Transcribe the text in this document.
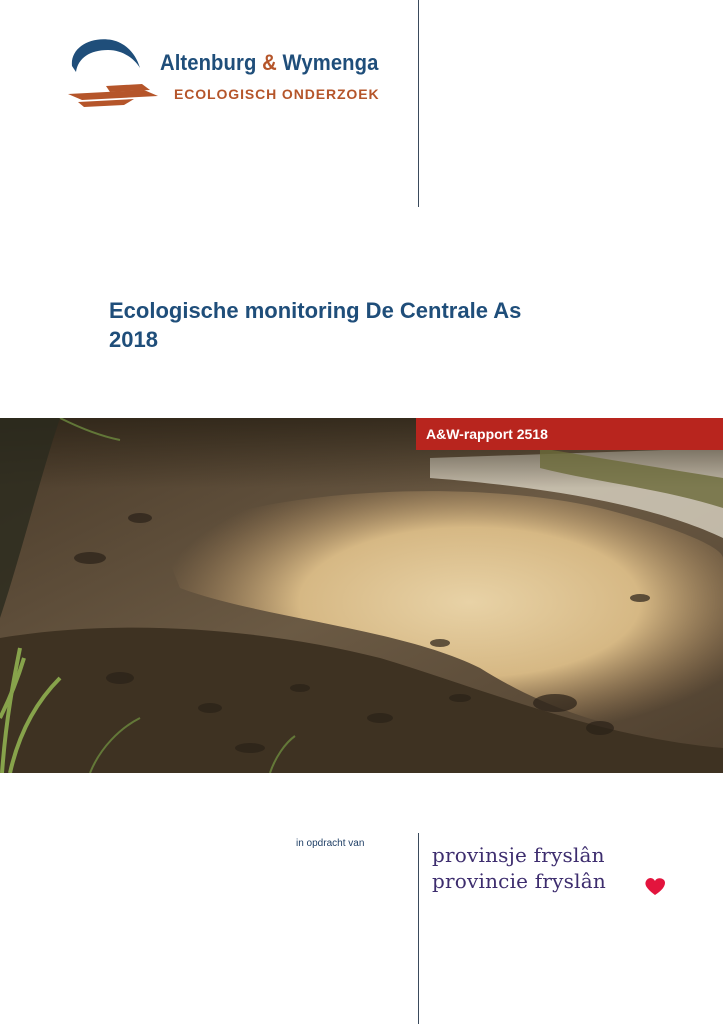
Altenburg & Wymenga
ECOLOGISCH ONDERZOEK
Ecologische monitoring De Centrale As
2018
A&W-rapport 2518
in opdracht van	provinsje fryslân
provincie fryslân
